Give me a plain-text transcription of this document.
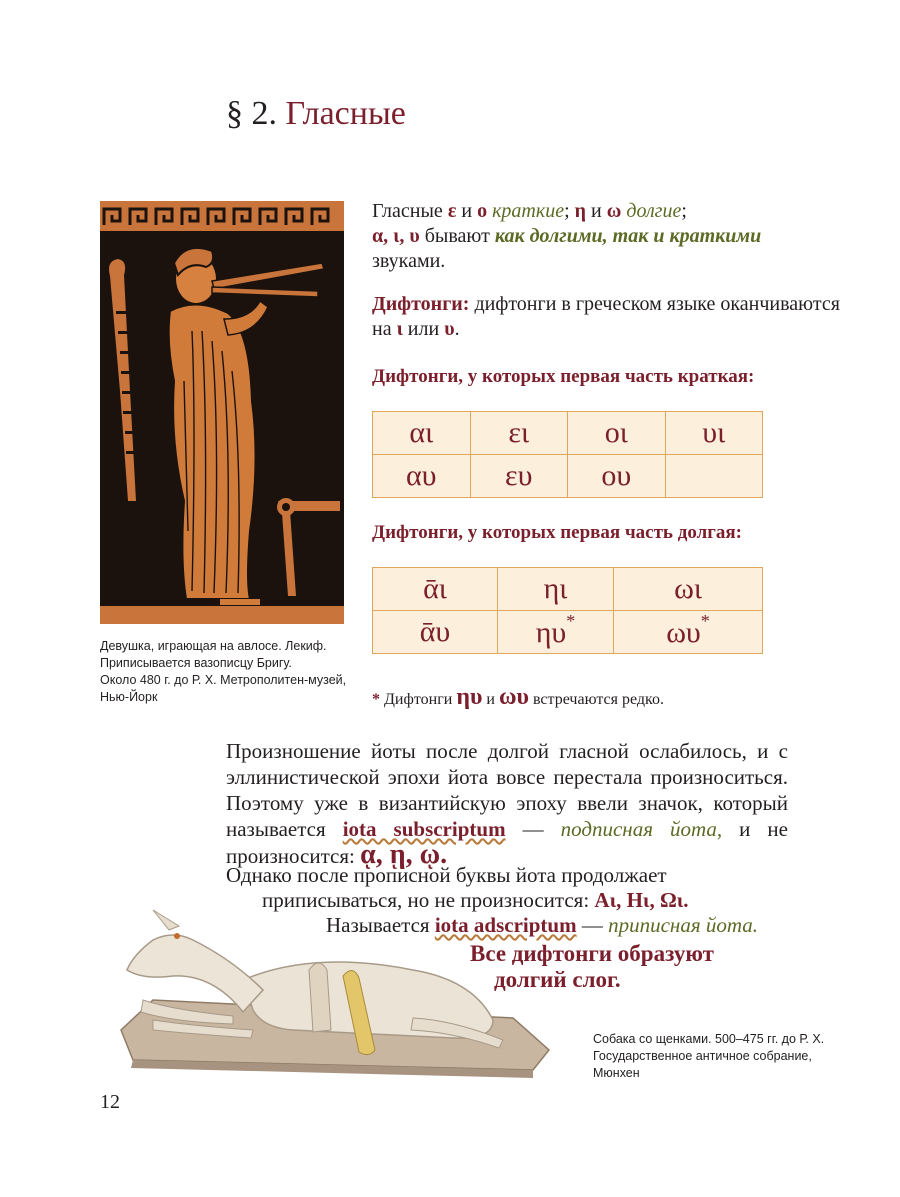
§ 2. Гласные
Девушка, играющая на авлосе. Лекиф.
Приписывается вазописцу Бригу.
Около 480 г. до Р. Х. Метрополитен-музей,
Нью-Йорк
Гласные ε и ο краткие; η и ω долгие;
α, ι, υ бывают как долгими, так и краткими
звуками.
Дифтонги: дифтонги в греческом языке оканчиваются на ι или υ.
Дифтонги, у которых первая часть краткая:
αι	ει	οι	υι
αυ	ευ	ου	
Дифтонги, у которых первая часть долгая:
ᾱι	ηι	ωι
ᾱυ	ηυ*	ωυ*
* Дифтонги ηυ и ωυ встречаются редко.
Произношение йоты после долгой гласной ослабилось, и с эллинистической эпохи йота вовсе перестала произноситься. Поэтому уже в византийскую эпоху ввели значок, который называется iota subscriptum — подписная йота, и не произносится: ᾳ, ῃ, ῳ.
Однако после прописной буквы йота продолжает
приписываться, но не произносится: Αι, Ηι, Ωι.
Называется iota adscriptum — приписная йота.
Все дифтонги образуют
долгий слог.
Собака со щенками. 500–475 гг. до Р. Х.
Государственное античное собрание,
Мюнхен
12
